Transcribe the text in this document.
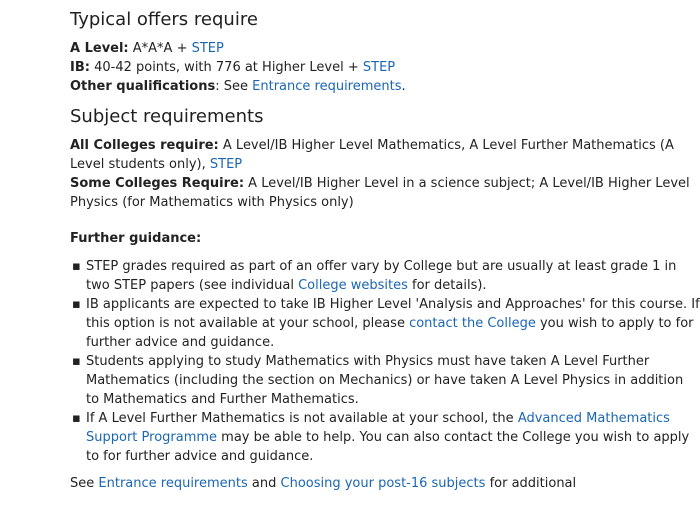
Typical offers require
A Level: A*A*A + STEP
IB: 40-42 points, with 776 at Higher Level + STEP
Other qualifications: See Entrance requirements.
Subject requirements
All Colleges require: A Level/IB Higher Level Mathematics, A Level Further Mathematics (A Level students only), STEP
Some Colleges Require: A Level/IB Higher Level in a science subject; A Level/IB Higher Level Physics (for Mathematics with Physics only)
Further guidance:
▪ STEP grades required as part of an offer vary by College but are usually at least grade 1 in two STEP papers (see individual College websites for details).
▪ IB applicants are expected to take IB Higher Level 'Analysis and Approaches' for this course. If this option is not available at your school, please contact the College you wish to apply to for further advice and guidance.
▪ Students applying to study Mathematics with Physics must have taken A Level Further Mathematics (including the section on Mechanics) or have taken A Level Physics in addition to Mathematics and Further Mathematics.
▪ If A Level Further Mathematics is not available at your school, the Advanced Mathematics Support Programme may be able to help. You can also contact the College you wish to apply to for further advice and guidance.
See Entrance requirements and Choosing your post-16 subjects for additional
